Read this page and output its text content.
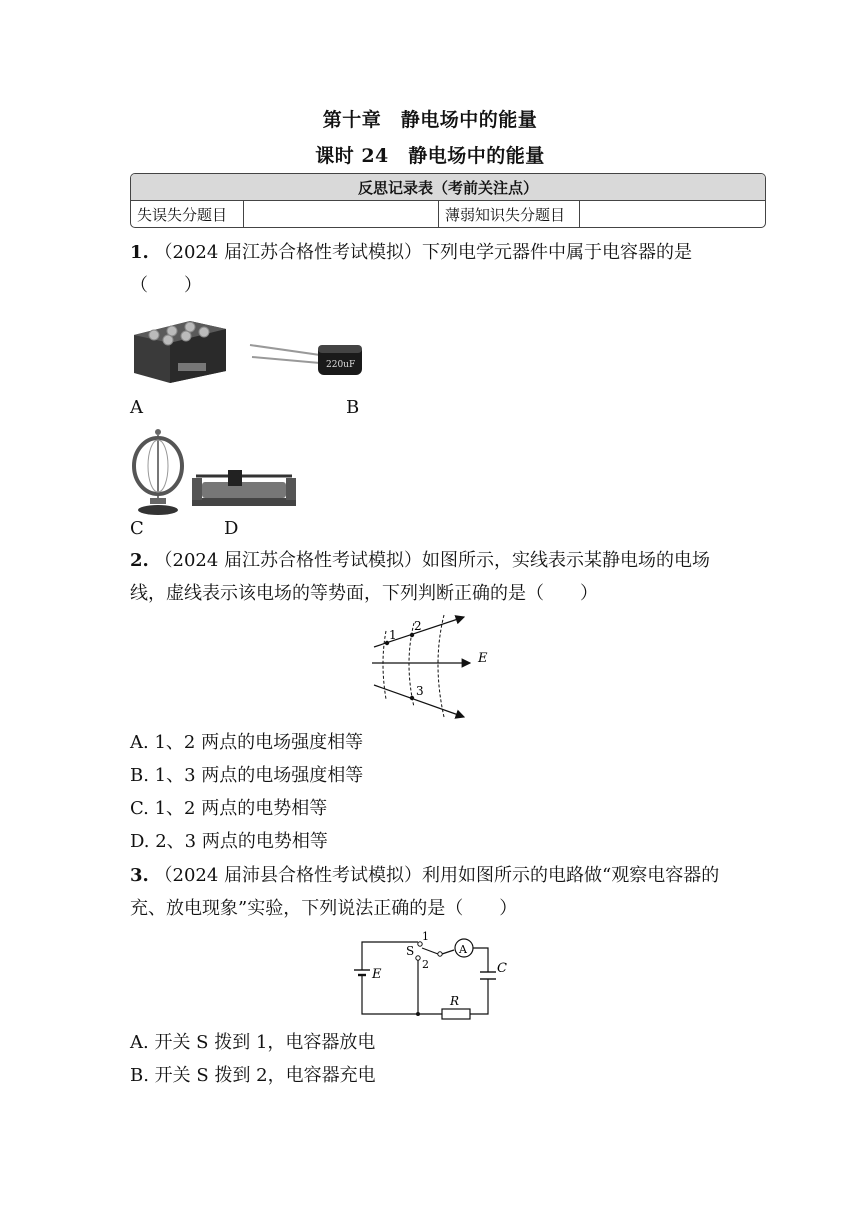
第十章　静电场中的能量
课时 24　静电场中的能量
反思记录表（考前关注点）
失误失分题目		薄弱知识失分题目	
1. （2024 届江苏合格性考试模拟）下列电学元器件中属于电容器的是（　　）
220uF
A	B
C	D
2. （2024 届江苏合格性考试模拟）如图所示，实线表示某静电场的电场线，虚线表示该电场的等势面，下列判断正确的是（　　）
1
2
3
E
A. 1、2 两点的电场强度相等
B. 1、3 两点的电场强度相等
C. 1、2 两点的电势相等
D. 2、3 两点的电势相等
3. （2024 届沛县合格性考试模拟）利用如图所示的电路做“观察电容器的充、放电现象”实验，下列说法正确的是（　　）
E
S
1
2
A
C
R
A. 开关 S 拨到 1，电容器放电
B. 开关 S 拨到 2，电容器充电
